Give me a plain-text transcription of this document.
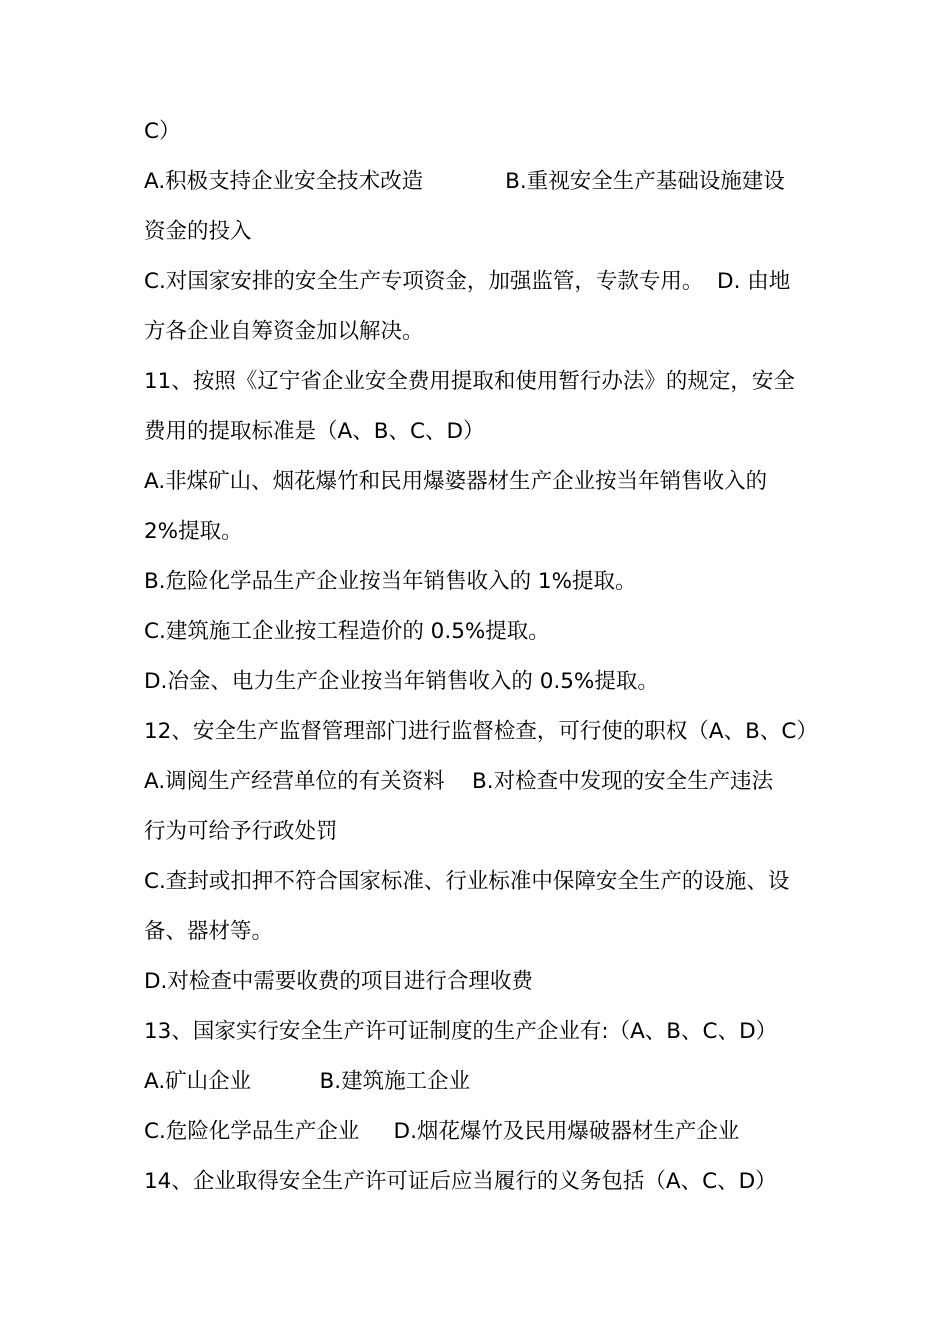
C）
A.积极支持企业安全技术改造            B.重视安全生产基础设施建设
资金的投入
C.对国家安排的安全生产专项资金，加强监管，专款专用。  D. 由地
方各企业自筹资金加以解决。
11、按照《辽宁省企业安全费用提取和使用暂行办法》的规定，安全
费用的提取标准是（A、B、C、D）
A.非煤矿山、烟花爆竹和民用爆婆器材生产企业按当年销售收入的
2%提取。
B.危险化学品生产企业按当年销售收入的 1%提取。
C.建筑施工企业按工程造价的 0.5%提取。
D.冶金、电力生产企业按当年销售收入的 0.5%提取。
12、安全生产监督管理部门进行监督检查，可行使的职权（A、B、C）
A.调阅生产经营单位的有关资料    B.对检查中发现的安全生产违法
行为可给予行政处罚
C.查封或扣押不符合国家标准、行业标准中保障安全生产的设施、设
备、器材等。
D.对检查中需要收费的项目进行合理收费
13、国家实行安全生产许可证制度的生产企业有:（A、B、C、D）
A.矿山企业          B.建筑施工企业
C.危险化学品生产企业     D.烟花爆竹及民用爆破器材生产企业
14、企业取得安全生产许可证后应当履行的义务包括（A、C、D）
